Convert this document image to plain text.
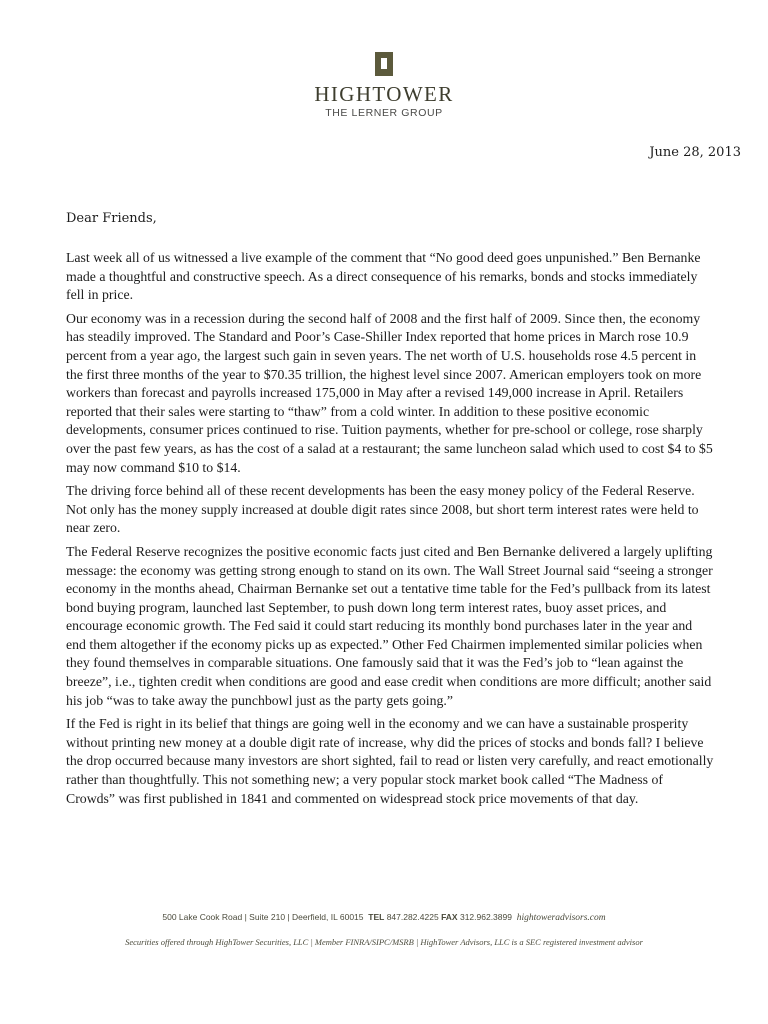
HIGHTOWER
THE LERNER GROUP
June 28, 2013
Dear Friends,

Last week all of us witnessed a live example of the comment that “No good deed goes unpunished.” Ben Bernanke made a thoughtful and constructive speech. As a direct consequence of his remarks, bonds and stocks immediately fell in price.

Our economy was in a recession during the second half of 2008 and the first half of 2009. Since then, the economy has steadily improved. The Standard and Poor’s Case-Shiller Index reported that home prices in March rose 10.9 percent from a year ago, the largest such gain in seven years. The net worth of U.S. households rose 4.5 percent in the first three months of the year to $70.35 trillion, the highest level since 2007. American employers took on more workers than forecast and payrolls increased 175,000 in May after a revised 149,000 increase in April. Retailers reported that their sales were starting to “thaw” from a cold winter. In addition to these positive economic developments, consumer prices continued to rise. Tuition payments, whether for pre-school or college, rose sharply over the past few years, as has the cost of a salad at a restaurant; the same luncheon salad which used to cost $4 to $5 may now command $10 to $14.

The driving force behind all of these recent developments has been the easy money policy of the Federal Reserve. Not only has the money supply increased at double digit rates since 2008, but short term interest rates were held to near zero.

The Federal Reserve recognizes the positive economic facts just cited and Ben Bernanke delivered a largely uplifting message: the economy was getting strong enough to stand on its own. The Wall Street Journal said “seeing a stronger economy in the months ahead, Chairman Bernanke set out a tentative time table for the Fed’s pullback from its latest bond buying program, launched last September, to push down long term interest rates, buoy asset prices, and encourage economic growth. The Fed said it could start reducing its monthly bond purchases later in the year and end them altogether if the economy picks up as expected.” Other Fed Chairmen implemented similar policies when they found themselves in comparable situations. One famously said that it was the Fed’s job to “lean against the breeze”, i.e., tighten credit when conditions are good and ease credit when conditions are more difficult; another said his job “was to take away the punchbowl just as the party gets going.”

If the Fed is right in its belief that things are going well in the economy and we can have a sustainable prosperity without printing new money at a double digit rate of increase, why did the prices of stocks and bonds fall? I believe the drop occurred because many investors are short sighted, fail to read or listen very carefully, and react emotionally rather than thoughtfully. This not something new; a very popular stock market book called “The Madness of Crowds” was first published in 1841 and commented on widespread stock price movements of that day.

500 Lake Cook Road | Suite 210 | Deerfield, IL 60015 TEL 847.282.4225 FAX 312.962.3899 hightoweradvisors.com
Securities offered through HighTower Securities, LLC | Member FINRA/SIPC/MSRB | HighTower Advisors, LLC is a SEC registered investment advisor
